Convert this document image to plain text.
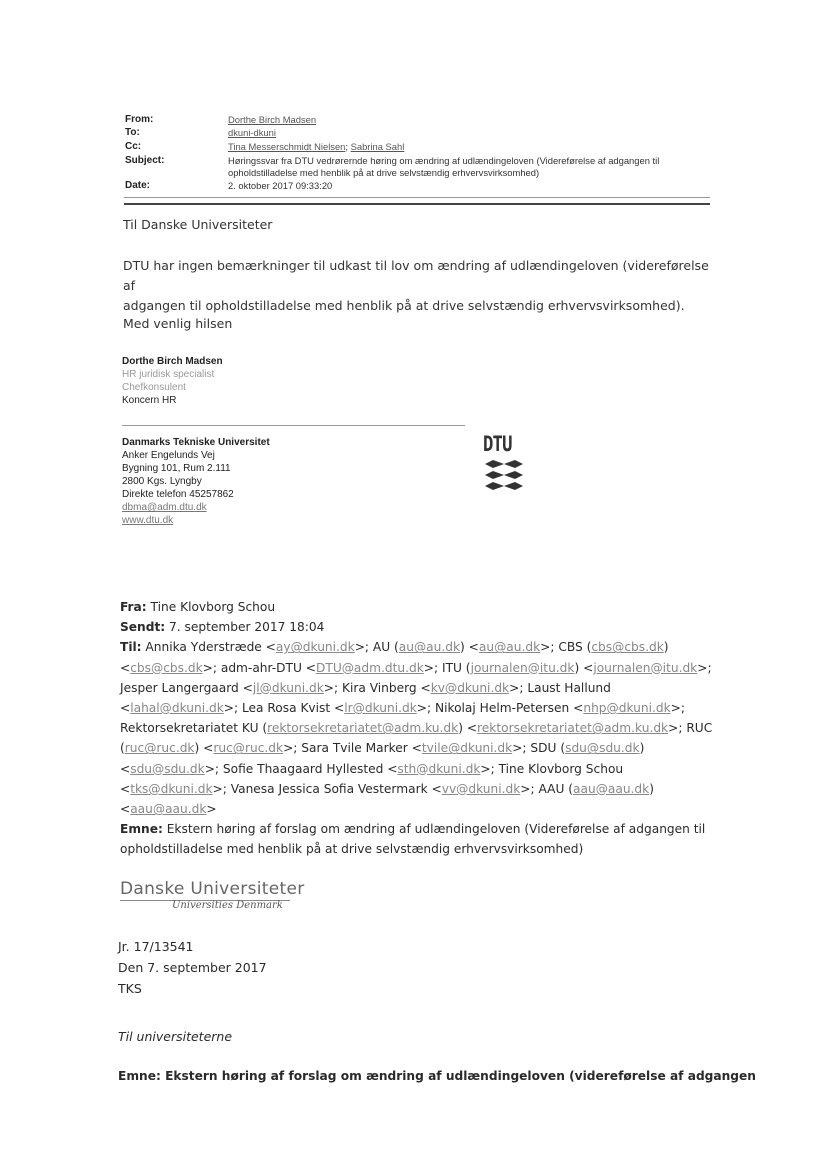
From:	Dorthe Birch Madsen
To:	dkuni-dkuni
Cc:	Tina Messerschmidt Nielsen; Sabrina Sahl
Subject:	Høringssvar fra DTU vedrørernde høring om ændring af udlændingeloven (Videreførelse af adgangen til
opholdstilladelse med henblik på at drive selvstændig erhvervsvirksomhed)
Date:	2. oktober 2017 09:33:20
Til Danske Universiteter
DTU har ingen bemærkninger til udkast til lov om ændring af udlændingeloven (videreførelse af
adgangen til opholdstilladelse med henblik på at drive selvstændig erhvervsvirksomhed).
Med venlig hilsen
Dorthe Birch Madsen
HR juridisk specialist
Chefkonsulent
Koncern HR
Danmarks Tekniske Universitet
Anker Engelunds Vej
Bygning 101, Rum 2.111
2800 Kgs. Lyngby
Direkte telefon 45257862
dbma@adm.dtu.dk
www.dtu.dk
DTU
Fra: Tine Klovborg Schou
Sendt: 7. september 2017 18:04
Til: Annika Yderstræde <ay@dkuni.dk>; AU (au@au.dk) <au@au.dk>; CBS (cbs@cbs.dk)
<cbs@cbs.dk>; adm-ahr-DTU <DTU@adm.dtu.dk>; ITU (journalen@itu.dk) <journalen@itu.dk>;
Jesper Langergaard <jl@dkuni.dk>; Kira Vinberg <kv@dkuni.dk>; Laust Hallund
<lahal@dkuni.dk>; Lea Rosa Kvist <lr@dkuni.dk>; Nikolaj Helm-Petersen <nhp@dkuni.dk>;
Rektorsekretariatet KU (rektorsekretariatet@adm.ku.dk) <rektorsekretariatet@adm.ku.dk>; RUC
(ruc@ruc.dk) <ruc@ruc.dk>; Sara Tvile Marker <tvile@dkuni.dk>; SDU (sdu@sdu.dk)
<sdu@sdu.dk>; Sofie Thaagaard Hyllested <sth@dkuni.dk>; Tine Klovborg Schou
<tks@dkuni.dk>; Vanesa Jessica Sofia Vestermark <vv@dkuni.dk>; AAU (aau@aau.dk)
<aau@aau.dk>
Emne: Ekstern høring af forslag om ændring af udlændingeloven (Videreførelse af adgangen til
opholdstilladelse med henblik på at drive selvstændig erhvervsvirksomhed)
Danske Universiteter
Universities Denmark
Jr. 17/13541
Den 7. september 2017
TKS
Til universiteterne
Emne: Ekstern høring af forslag om ændring af udlændingeloven (videreførelse af adgangen
